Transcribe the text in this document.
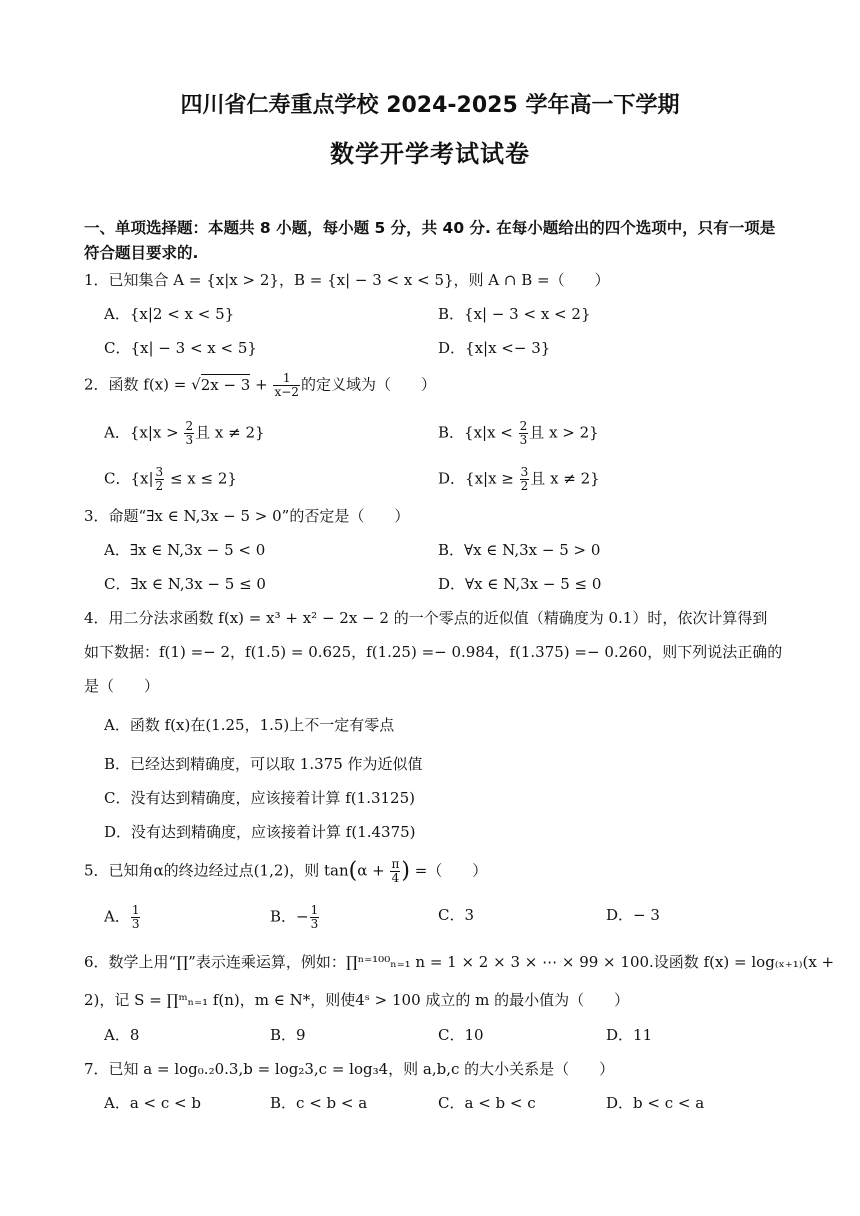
四川省仁寿重点学校 2024-2025 学年高一下学期
数学开学考试试卷
一、单项选择题：本题共 8 小题，每小题 5 分，共 40 分. 在每小题给出的四个选项中，只有一项是符合题目要求的.
1．已知集合 A = {x|x > 2}，B = {x| − 3 < x < 5}，则 A ∩ B =（　　）
A．{x|2 < x < 5}	B．{x| − 3 < x < 2}
C．{x| − 3 < x < 5}	D．{x|x <− 3}
2．函数 $f(x) = √2x - 3 + \frac{1}{x-2}$ 的定义域为（　　）
A．{$x|x > \frac{2}{3}$ 且 x ≠ 2}	B．{$x|x < \frac{2}{3}$ 且 x > 2}
C．$\{x| \frac{3}{2} \le x \le 2\}$	D．{$x|x \ge \frac{3}{2}$ 且 x ≠ 2}
3．命题“∃x ∈ N,3x − 5 > 0”的否定是（　　）
A．∃x ∈ N,3x − 5 < 0	B．∀x ∈ N,3x − 5 > 0
C．∃x ∈ N,3x − 5 ≤ 0	D．∀x ∈ N,3x − 5 ≤ 0
4．用二分法求函数 f(x) = x³ + x² − 2x − 2 的一个零点的近似值（精确度为 0.1）时，依次计算得到
如下数据：f(1) =− 2，f(1.5) = 0.625，f(1.25) =− 0.984，f(1.375) =− 0.260，则下列说法正确的
是（　　）
A．函数 f(x)在(1.25，1.5)上不一定有零点
B．已经达到精确度，可以取 1.375 作为近似值
C．没有达到精确度，应该接着计算 f(1.3125)
D．没有达到精确度，应该接着计算 f(1.4375)
5．已知角α的终边经过点(1,2)，则 $\tan(\alpha + \frac{\pi}{4}$ ) =（　　）
A． $\frac{1}{3}$	B．− $\frac{1}{3}$	C．3	D．− 3
6．数学上用“∏”表示连乘运算，例如：∏ⁿ⁼¹⁰⁰ₙ₌₁ n = 1 × 2 × 3 × ⋯ × 99 × 100.设函数 f(x) = log₍ₓ₊₁₎(x +
2)，记 S = ∏ᵐₙ₌₁ f(n)，m ∈ N*，则使4ˢ > 100 成立的 m 的最小值为（　　）
A．8	B．9	C．10	D．11
7．已知 a = log₀.₂0.3,b = log₂3,c = log₃4，则 a,b,c 的大小关系是（　　）
A．a < c < b	B．c < b < a	C．a < b < c	D．b < c < a
